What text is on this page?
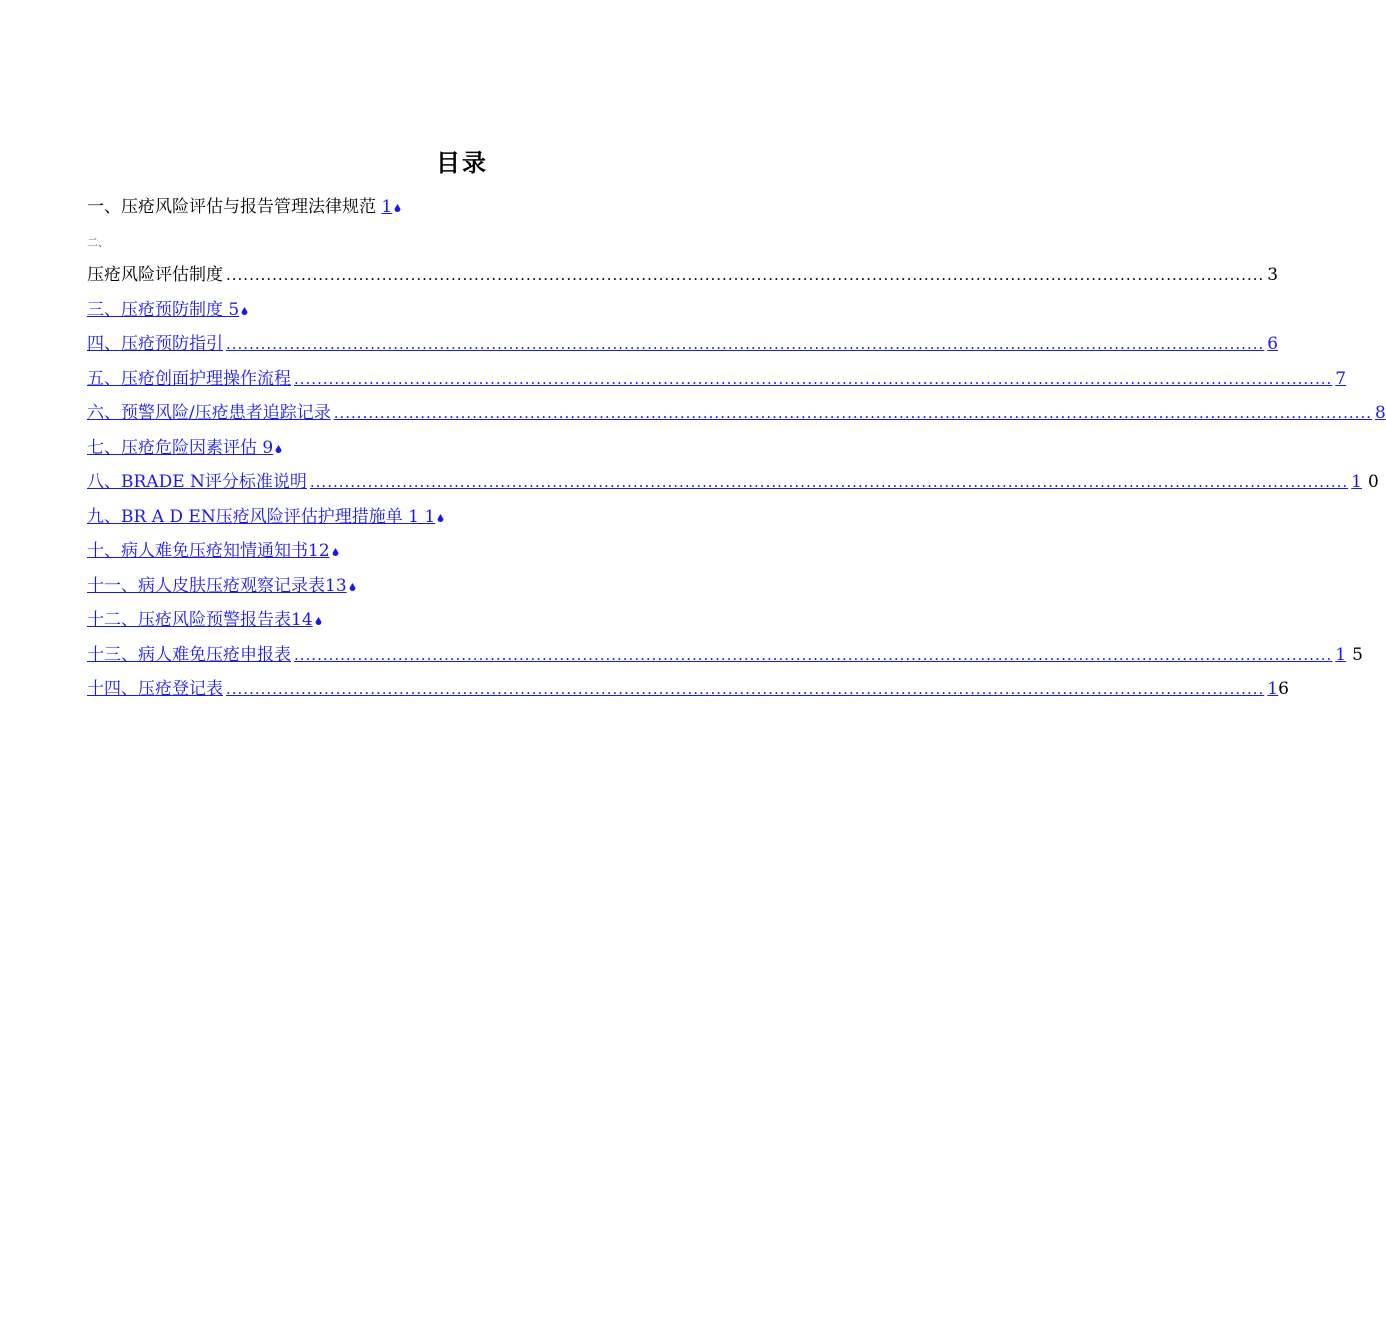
目录
一、压疮风险评估与报告管理法律规范 1
二、
压疮风险评估制度 .....	3
三、压疮预防制度 5
四、压疮预防指引 .....	6
五、压疮创面护理操作流程 .....	7
六、预警风险/压疮患者追踪记录 .....	8
七、压疮危险因素评估 9
八、BRADE N评分标准说明 .....	1 0
九、BR A D EN压疮风险评估护理措施单 1 1
十、病人难免压疮知情通知书12
十一、病人皮肤压疮观察记录表13
十二、压疮风险预警报告表14
十三、病人难免压疮申报表 .....	1 5
十四、压疮登记表 .....	1 6
